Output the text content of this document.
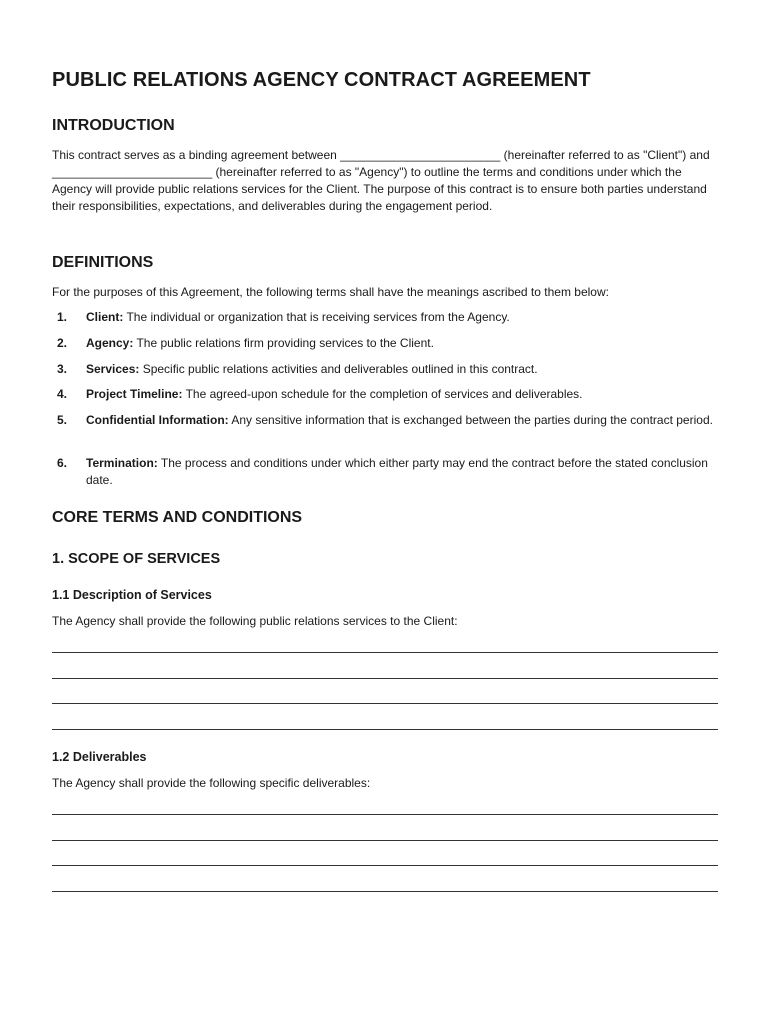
PUBLIC RELATIONS AGENCY CONTRACT AGREEMENT
INTRODUCTION

This contract serves as a binding agreement between ________________________ (hereinafter referred to as "Client") and ________________________ (hereinafter referred to as "Agency") to outline the terms and conditions under which the Agency will provide public relations services for the Client. The purpose of this contract is to ensure both parties understand their responsibilities, expectations, and deliverables during the engagement period.

DEFINITIONS

For the purposes of this Agreement, the following terms shall have the meanings ascribed to them below:

1. Client: The individual or organization that is receiving services from the Agency.
2. Agency: The public relations firm providing services to the Client.
3. Services: Specific public relations activities and deliverables outlined in this contract.
4. Project Timeline: The agreed-upon schedule for the completion of services and deliverables.
5. Confidential Information: Any sensitive information that is exchanged between the parties during the contract period.
6. Termination: The process and conditions under which either party may end the contract before the stated conclusion date.
CORE TERMS AND CONDITIONS
1. SCOPE OF SERVICES
1.1 Description of Services

The Agency shall provide the following public relations services to the Client:

1.2 Deliverables

The Agency shall provide the following specific deliverables:
